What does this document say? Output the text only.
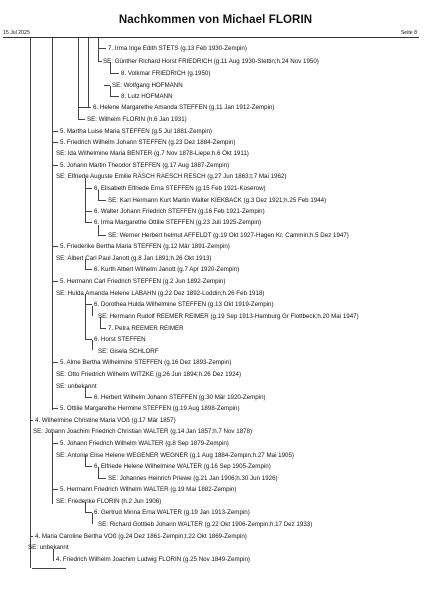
Nachkommen von Michael FLORIN
15 Jul 2025	Seite 8
7. Irma Inge Edith STETS (g.13 Feb 1930-Zempin)
SE: Günther Richard Horst FRIEDRICH (g.11 Aug 1930-Stettin;h.24 Nov 1950)
8. Volkmar FRIEDRICH (g.1950)
SE: Wolfgang HOFMANN
8. Lutz HOFMANN
6. Helene Margarethe Amanda STEFFEN (g.11 Jan 1912-Zempin)
SE: Wilhelm FLORIN (h.6 Jan 1931)
5. Martha Luise Maria STEFFEN (g.5 Jul 1881-Zempin)
5. Friedrich Wilhelm Johann STEFFEN (g.23 Dez 1884-Zempin)
SE: Ida Wilhelmine Maria BENTER (g.7 Nov 1878-Liepe;h.6 Okt 1911)
5. Johann Martin Theodor STEFFEN (g.17 Aug 1887-Zempin)
SE: Elfriede Auguste Emilie RÄSCH RAESCH RESCH (g.27 Jun 1863;t.7 Mai 1962)
6. Elisabeth Elfriede Erna STEFFEN (g.15 Feb 1921-Koserow)
SE: Karl Hermann Kurt Martin Walter KIEKBACK (g.3 Dez 1921;h.25 Feb 1944)
6. Walter Johann Friedrich STEFFEN (g.16 Feb 1921-Zempin)
6. Irma Margarethe Ottilie STEFFEN (g.23 Juli 1925-Zempin)
SE: Werner Herbert helmut AFFELDT (g.19 Okt 1927-Hagen Kr. Cammin;h.5 Dez 1947)
5. Friederike Bertha Maria STEFFEN (g.12 Mär 1891-Zempin)
SE: Albert Carl Paul Janott (g.8 Jan 1891;h.26 Okt 1913)
6. Kurth Albert Wilhelm Janott (g.7 Apr 1920-Zempin)
5. Hermann Carl Friedrich STEFFEN (g.2 Jun 1892-Zempin)
SE: Hulda Amanda Helene LABAHN (g.22 Dez 1892-Loddin;h.26 Feb 1918)
6. Dorothea Hulda Wilhelmine STEFFEN (g.13 Okt 1919-Zempin)
SE: Hermann Rudolf REEMER REIMER (g.19 Sep 1913-Hamburg Gr Flottbeck;h.20 Mai 1947)
7. Petra REEMER REIMER
6. Horst STEFFEN
SE: Gisela SCHLORF
5. Alme Bertha Wilhelmine STEFFEN (g.16 Dez 1893-Zempin)
SE: Otto Friedrich Wilhelm WITZKE (g.26 Jun 1894;h.26 Dez 1924)
SE: unbekannt
6. Herbert Wilhelm Johann STEFFEN (g.30 Mär 1920-Zempin)
5. Ottilie Margarethe Hermine STEFFEN (g.19 Aug 1898-Zempin)
4. Wilhelmine Christine Maria VOß (g.17 Mär 1857)
SE: Johann Joachim Friedrich Christian WALTER (g.14 Jan 1857;h.7 Nov 1878)
5. Johann Friedrich Wilhelm WALTER (g.8 Sep 1879-Zempin)
SE: Antonie Elise Helene WEGENER WEGNER (g.1 Aug 1884-Zempin;h.27 Mai 1905)
6. Elfriede Helene Wilhelmine WALTER (g.16 Sep 1905-Zempin)
SE: Johannes Heinrich Priewe (g.21 Jan 1906;h.30 Jun 1926)
5. Hermann Friedrich Wilhelm WALTER (g.19 Mai 1882-Zempin)
SE: Friederike FLORIN (h.2 Jun 1906)
6. Gertrud Minna Erna WALTER (g.19 Jan 1913-Zempin)
SE: Richard Gottlieb Johann WALTER (g.22 Okt 1906-Zempin;h.17 Dez 1933)
4. Maria Caroline Bertha VOß (g.24 Dez 1861-Zempin;t.22 Okt 1869-Zempin)
SE: unbekannt
4. Friedrich Wilhelm Joachim Ludwig FLORIN (g.25 Nov 1849-Zempin)
